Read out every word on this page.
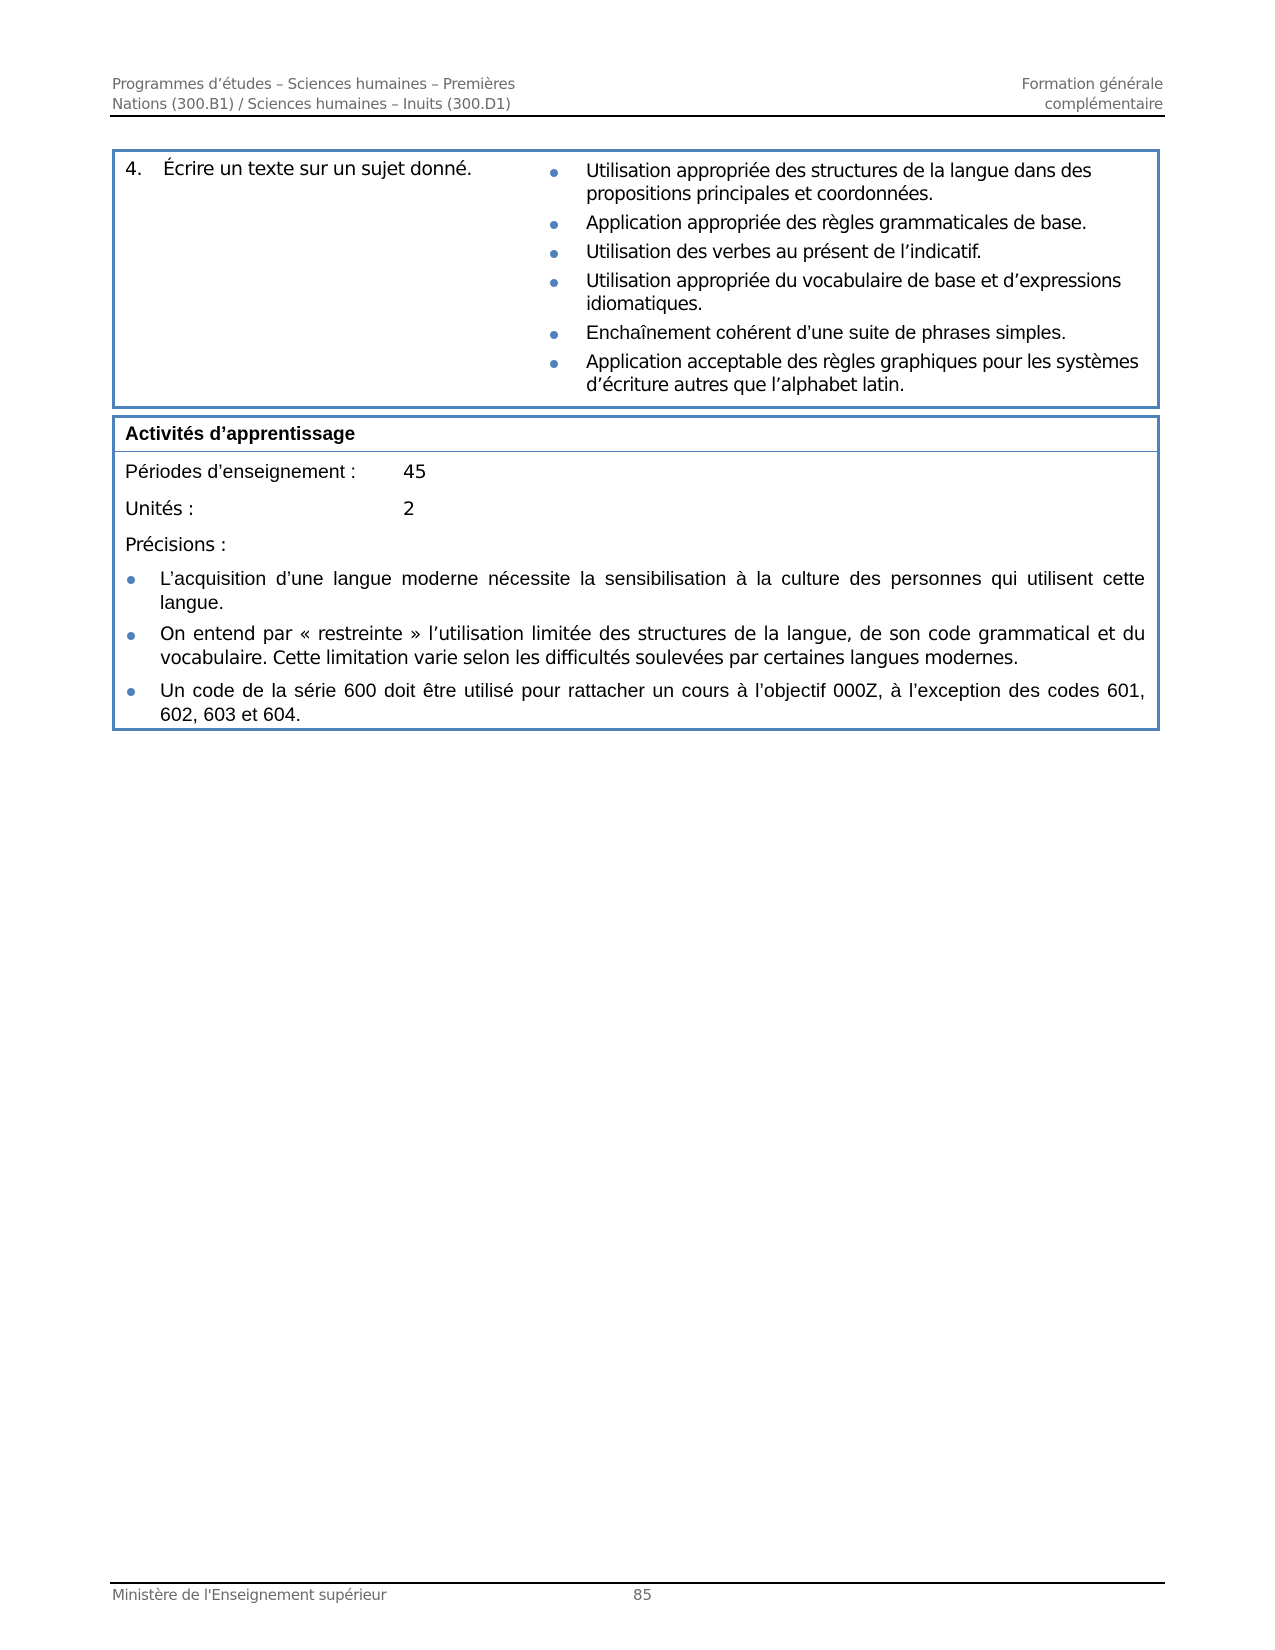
Programmes d’études – Sciences humaines – Premières
Nations (300.B1) / Sciences humaines – Inuits (300.D1)
Formation générale
complémentaire
4. Écrire un texte sur un sujet donné.	Utilisation appropriée des structures de la langue dans des propositions principales et coordonnées.
Application appropriée des règles grammaticales de base.
Utilisation des verbes au présent de l’indicatif.
Utilisation appropriée du vocabulaire de base et d’expressions idiomatiques.
Enchaînement cohérent d’une suite de phrases simples.
Application acceptable des règles graphiques pour les systèmes d’écriture autres que l’alphabet latin.
Activités d’apprentissage
Périodes d’enseignement : 45
Unités :	2
Précisions :
L’acquisition d’une langue moderne nécessite la sensibilisation à la culture des personnes qui utilisent cette langue.
On entend par « restreinte » l’utilisation limitée des structures de la langue, de son code grammatical et du vocabulaire. Cette limitation varie selon les difficultés soulevées par certaines langues modernes.
Un code de la série 600 doit être utilisé pour rattacher un cours à l’objectif 000Z, à l’exception des codes 601, 602, 603 et 604.
Ministère de l'Enseignement supérieur	85
